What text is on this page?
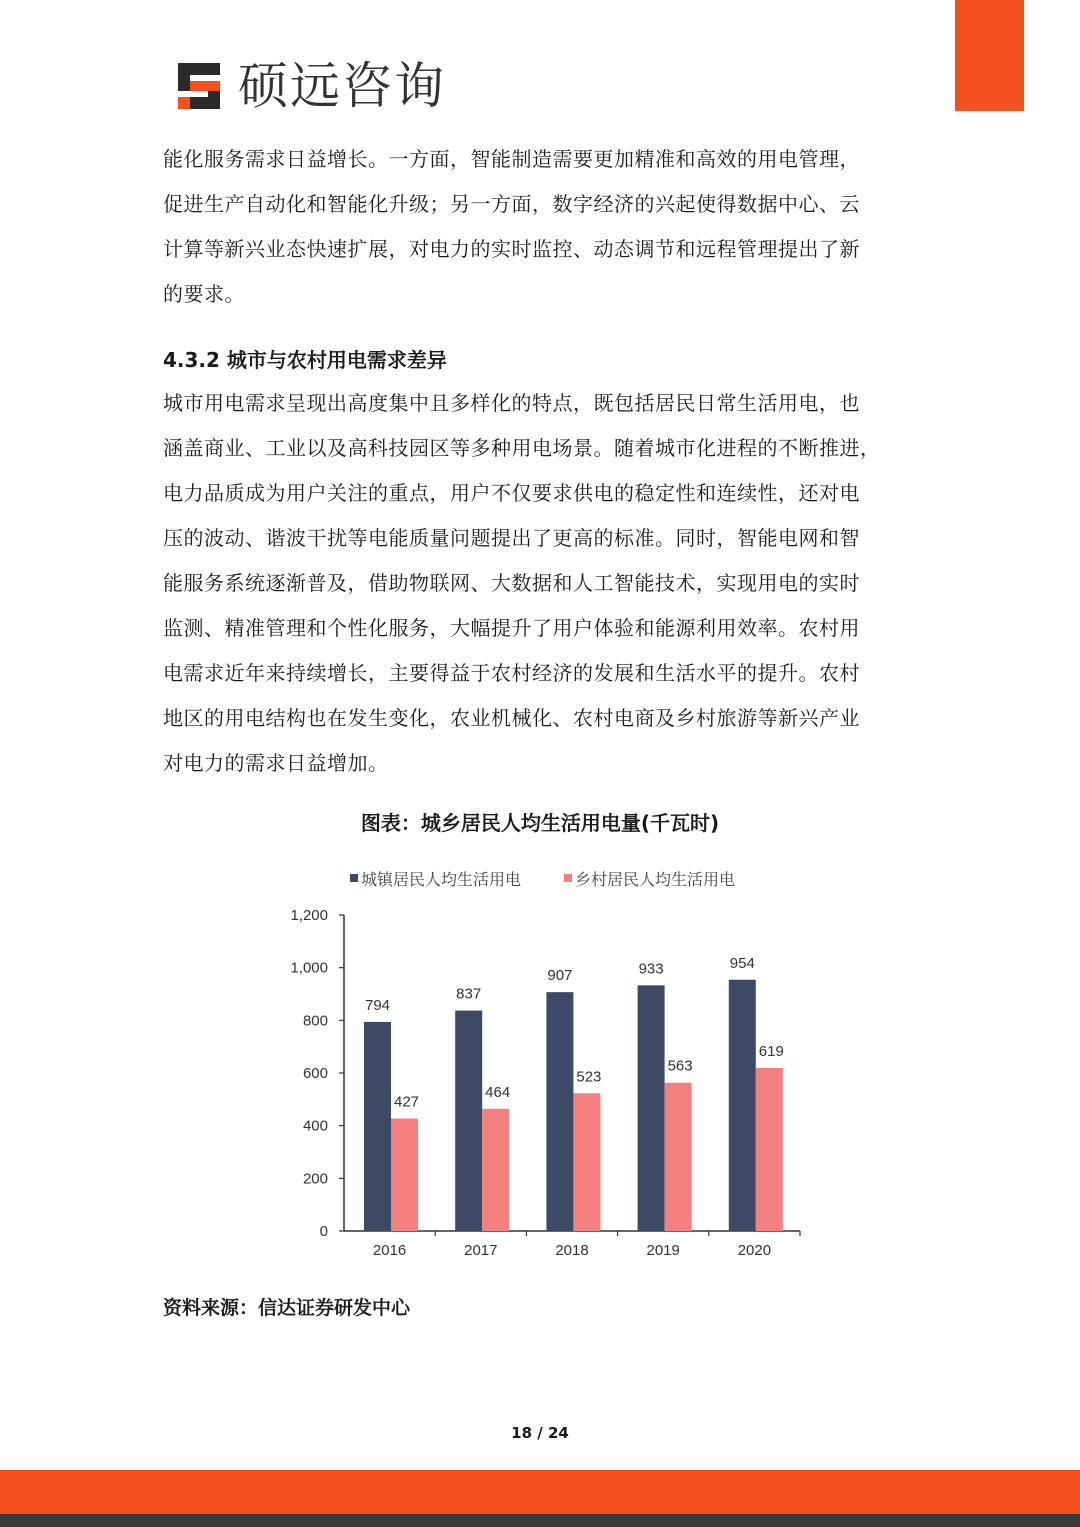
硕远咨询
能化服务需求日益增长。一方面，智能制造需要更加精准和高效的用电管理，
促进生产自动化和智能化升级；另一方面，数字经济的兴起使得数据中心、云
计算等新兴业态快速扩展，对电力的实时监控、动态调节和远程管理提出了新
的要求。
4.3.2 城市与农村用电需求差异
城市用电需求呈现出高度集中且多样化的特点，既包括居民日常生活用电，也
涵盖商业、工业以及高科技园区等多种用电场景。随着城市化进程的不断推进，
电力品质成为用户关注的重点，用户不仅要求供电的稳定性和连续性，还对电
压的波动、谐波干扰等电能质量问题提出了更高的标准。同时，智能电网和智
能服务系统逐渐普及，借助物联网、大数据和人工智能技术，实现用电的实时
监测、精准管理和个性化服务，大幅提升了用户体验和能源利用效率。农村用
电需求近年来持续增长，主要得益于农村经济的发展和生活水平的提升。农村
地区的用电结构也在发生变化，农业机械化、农村电商及乡村旅游等新兴产业
对电力的需求日益增加。
图表：城乡居民人均生活用电量(千瓦时)
城镇居民人均生活用电	乡村居民人均生活用电
0
200
400
600
800
1,000
1,200
794
427
2016
837
464
2017
907
523
2018
933
563
2019
954
619
2020
资料来源：信达证券研发中心
18 / 24
